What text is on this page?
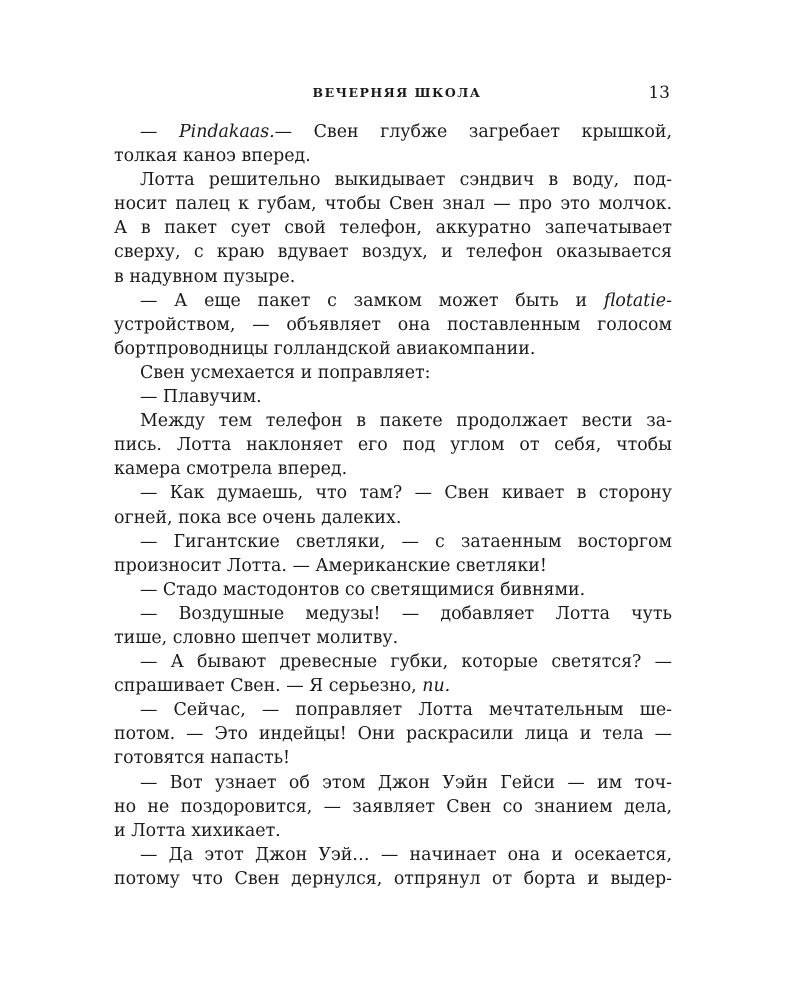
ВЕЧЕРНЯЯ ШКОЛА	13
— Pindakaas.— Свен глубже загребает крышкой,
толкая каноэ вперед.
Лотта решительно выкидывает сэндвич в воду, под-
носит палец к губам, чтобы Свен знал — про это молчок.
А в пакет сует свой телефон, аккуратно запечатывает
сверху, с краю вдувает воздух, и телефон оказывается
в надувном пузыре.
— А еще пакет с замком может быть и flotatie-
устройством, — объявляет она поставленным голосом
бортпроводницы голландской авиакомпании.
Свен усмехается и поправляет:
— Плавучим.
Между тем телефон в пакете продолжает вести за-
пись. Лотта наклоняет его под углом от себя, чтобы
камера смотрела вперед.
— Как думаешь, что там? — Свен кивает в сторону
огней, пока все очень далеких.
— Гигантские светляки, — с затаенным восторгом
произносит Лотта. — Американские светляки!
— Стадо мастодонтов со светящимися бивнями.
— Воздушные медузы! — добавляет Лотта чуть
тише, словно шепчет молитву.
— А бывают древесные губки, которые светятся? —
спрашивает Свен. — Я серьезно, пи.
— Сейчас, — поправляет Лотта мечтательным ше-
потом. — Это индейцы! Они раскрасили лица и тела —
готовятся напасть!
— Вот узнает об этом Джон Уэйн Гейси — им точ-
но не поздоровится, — заявляет Свен со знанием дела,
и Лотта хихикает.
— Да этот Джон Уэй… — начинает она и осекается,
потому что Свен дернулся, отпрянул от борта и выдер-
